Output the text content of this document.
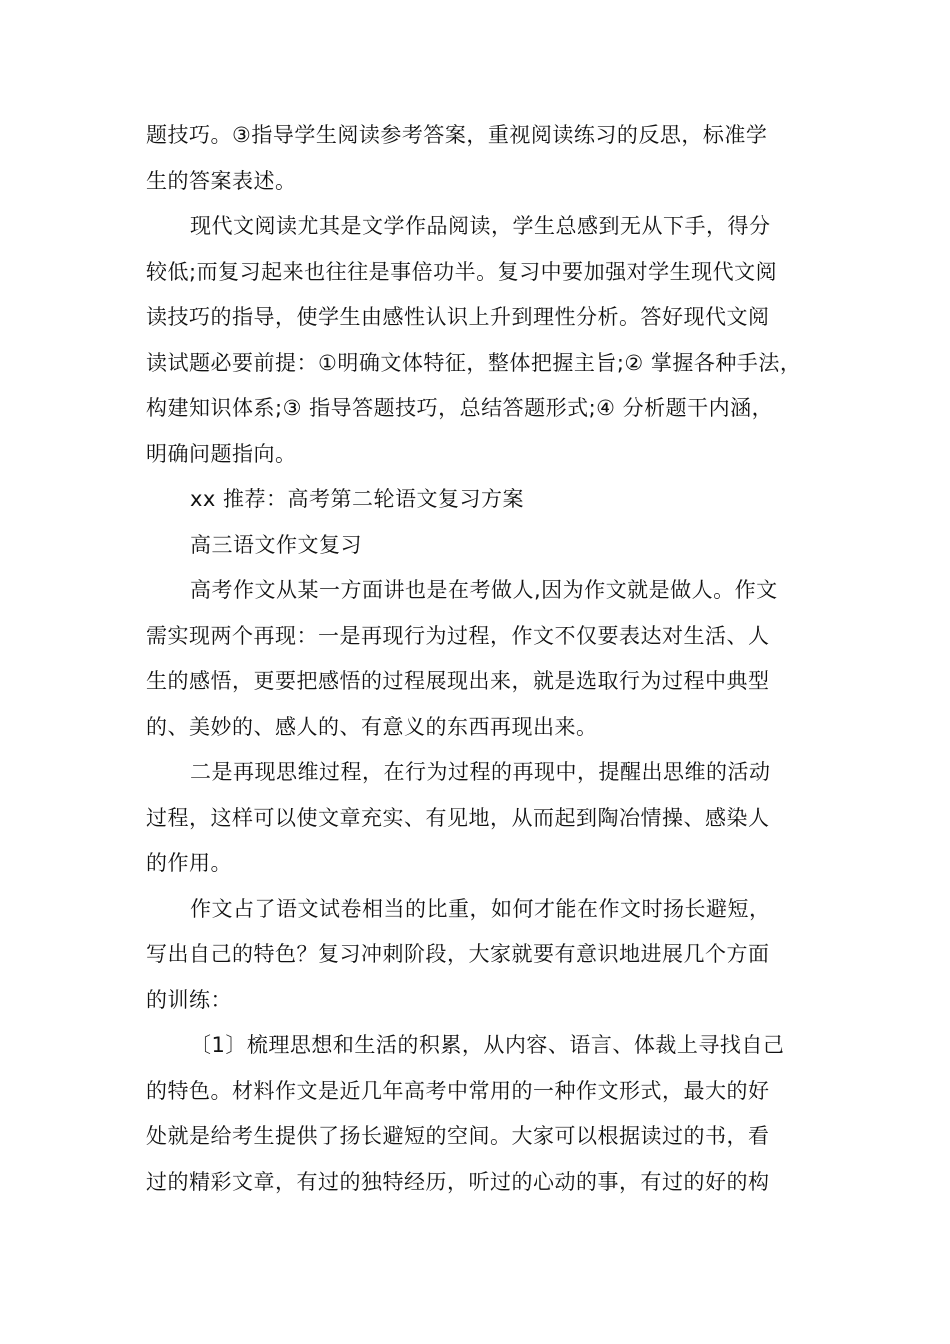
题技巧。③指导学生阅读参考答案，重视阅读练习的反思，标准学
生的答案表述。
现代文阅读尤其是文学作品阅读，学生总感到无从下手，得分
较低;而复习起来也往往是事倍功半。复习中要加强对学生现代文阅
读技巧的指导，使学生由感性认识上升到理性分析。答好现代文阅
读试题必要前提：①明确文体特征，整体把握主旨;② 掌握各种手法，
构建知识体系;③ 指导答题技巧，总结答题形式;④ 分析题干内涵，
明确问题指向。
xx 推荐：高考第二轮语文复习方案
高三语文作文复习
高考作文从某一方面讲也是在考做人,因为作文就是做人。作文
需实现两个再现：一是再现行为过程，作文不仅要表达对生活、人
生的感悟，更要把感悟的过程展现出来，就是选取行为过程中典型
的、美妙的、感人的、有意义的东西再现出来。
二是再现思维过程，在行为过程的再现中，提醒出思维的活动
过程，这样可以使文章充实、有见地，从而起到陶冶情操、感染人
的作用。
作文占了语文试卷相当的比重，如何才能在作文时扬长避短，
写出自己的特色？复习冲刺阶段，大家就要有意识地进展几个方面
的训练：
〔1〕梳理思想和生活的积累，从内容、语言、体裁上寻找自己
的特色。材料作文是近几年高考中常用的一种作文形式，最大的好
处就是给考生提供了扬长避短的空间。大家可以根据读过的书，看
过的精彩文章，有过的独特经历，听过的心动的事，有过的好的构
